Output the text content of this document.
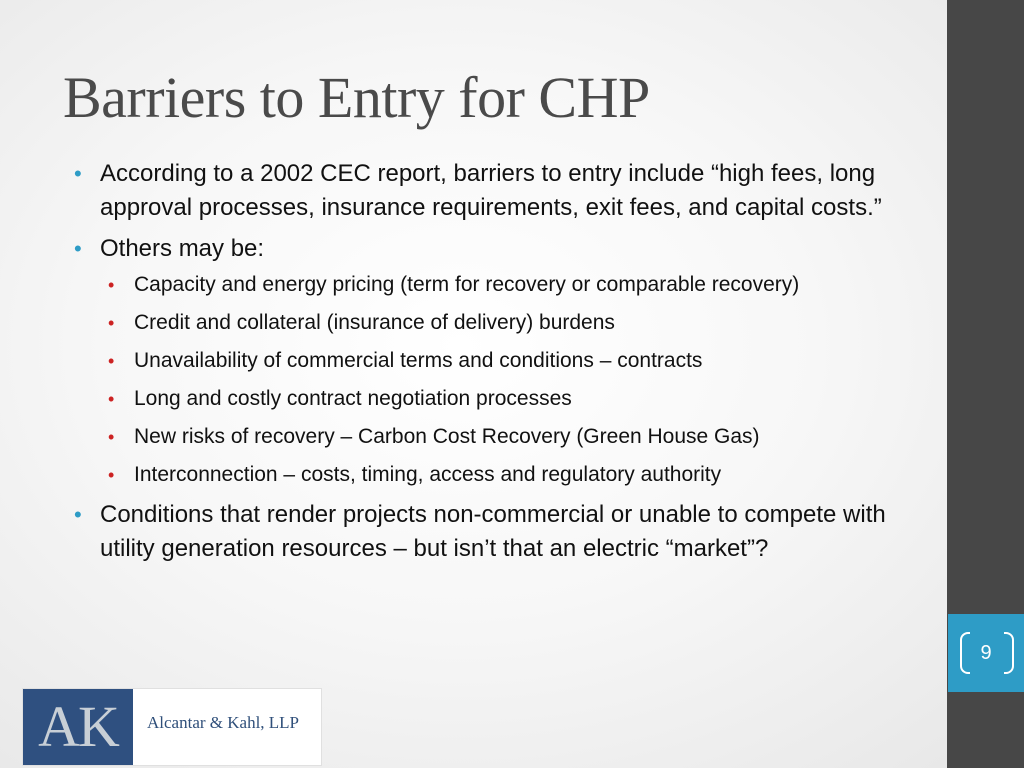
Barriers to Entry for CHP
• According to a 2002 CEC report, barriers to entry include “high fees, long approval processes, insurance requirements, exit fees, and capital costs.”
• Others may be:
• Capacity and energy pricing (term for recovery or comparable recovery)
• Credit and collateral (insurance of delivery) burdens
• Unavailability of commercial terms and conditions – contracts
• Long and costly contract negotiation processes
• New risks of recovery – Carbon Cost Recovery (Green House Gas)
• Interconnection – costs, timing, access and regulatory authority
• Conditions that render projects non-commercial or unable to compete with utility generation resources – but isn’t that an electric “market”?
9
AK	Alcantar & Kahl, LLP
